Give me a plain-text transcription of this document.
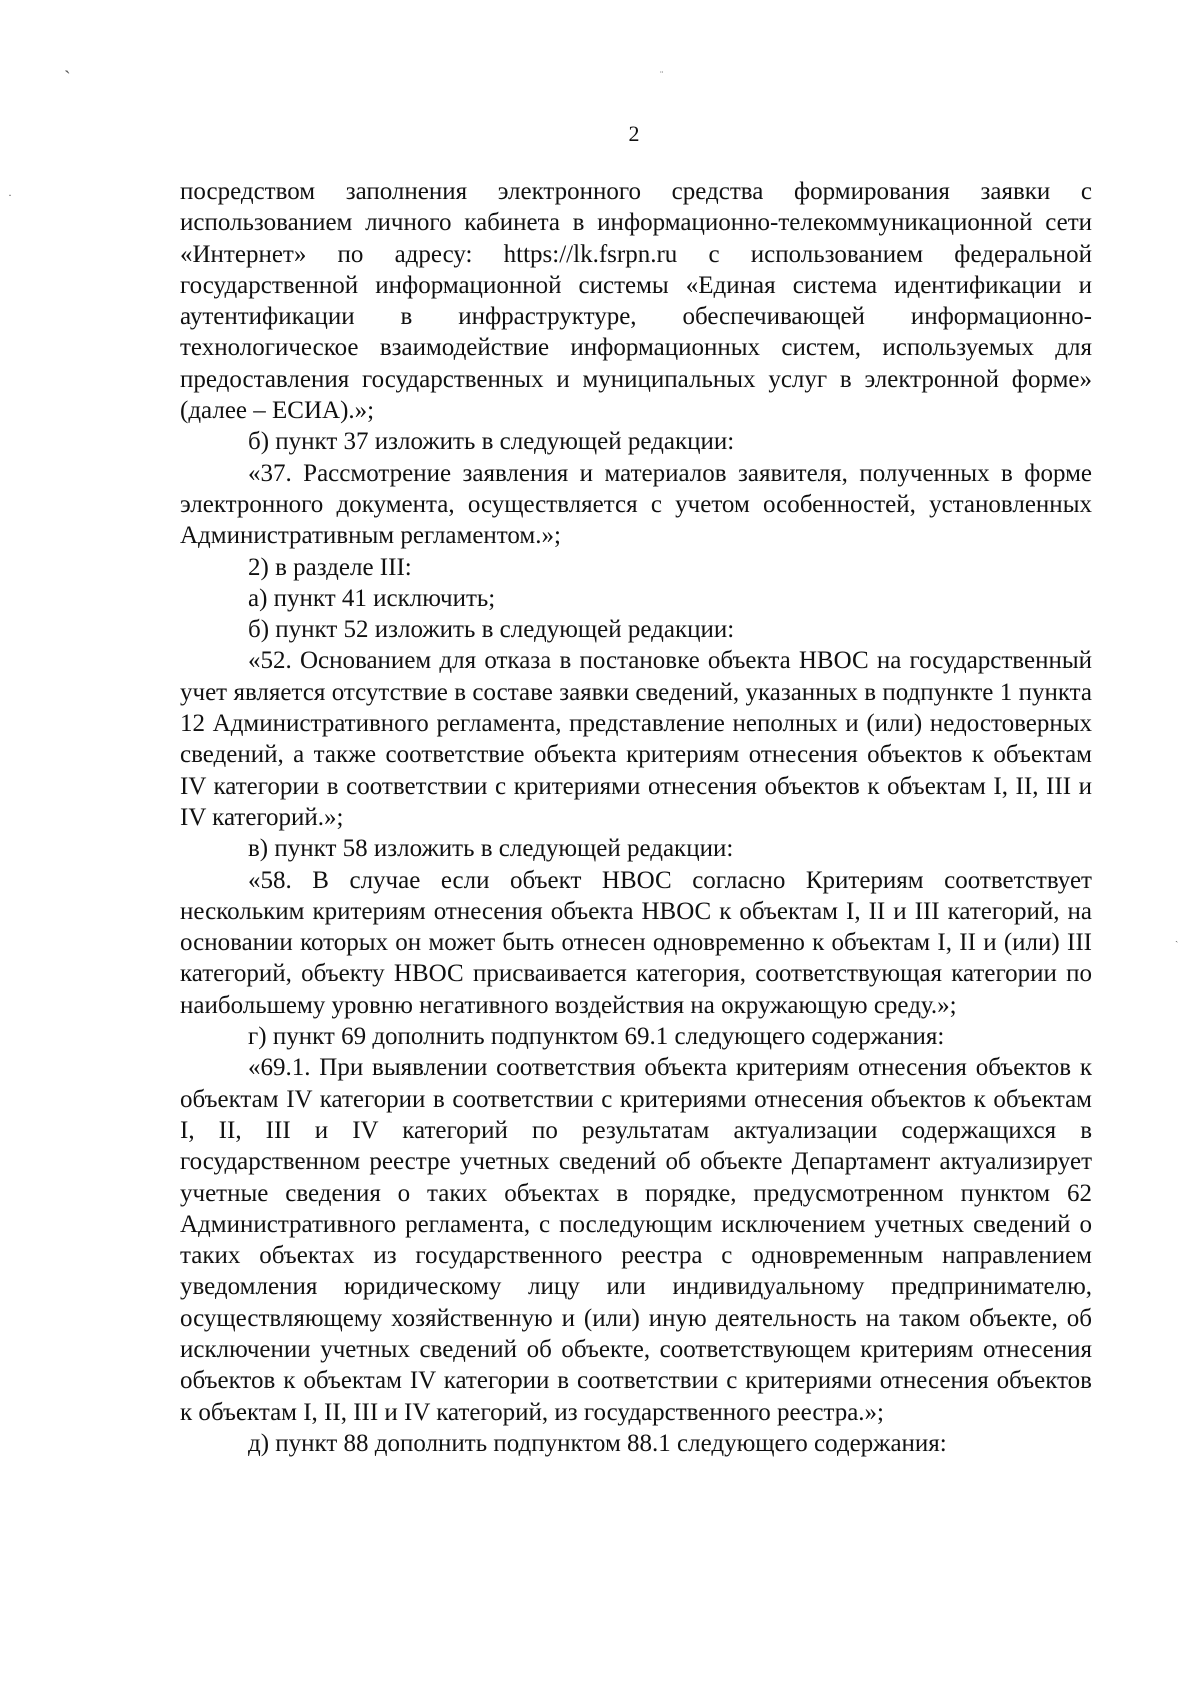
ˏ
·
¨
ˎ
2

посредством заполнения электронного средства формирования заявки с использованием личного кабинета в информационно-телекоммуникационной сети «Интернет» по адресу: https://lk.fsrpn.ru с использованием федеральной государственной информационной системы «Единая система идентификации и аутентификации в инфраструктуре, обеспечивающей информационно-технологическое взаимодействие информационных систем, используемых для предоставления государственных и муниципальных услуг в электронной форме» (далее – ЕСИА).»;

б) пункт 37 изложить в следующей редакции:

«37. Рассмотрение заявления и материалов заявителя, полученных в форме электронного документа, осуществляется с учетом особенностей, установленных Административным регламентом.»;

2) в разделе III:

а) пункт 41 исключить;

б) пункт 52 изложить в следующей редакции:

«52. Основанием для отказа в постановке объекта НВОС на государственный учет является отсутствие в составе заявки сведений, указанных в подпункте 1 пункта 12 Административного регламента, представление неполных и (или) недостоверных сведений, а также соответствие объекта критериям отнесения объектов к объектам IV категории в соответствии с критериями отнесения объектов к объектам I, II, III и IV категорий.»;

в) пункт 58 изложить в следующей редакции:

«58. В случае если объект НВОС согласно Критериям соответствует нескольким критериям отнесения объекта НВОС к объектам I, II и III категорий, на основании которых он может быть отнесен одновременно к объектам I, II и (или) III категорий, объекту НВОС присваивается категория, соответствующая категории по наибольшему уровню негативного воздействия на окружающую среду.»;

г) пункт 69 дополнить подпунктом 69.1 следующего содержания:

«69.1. При выявлении соответствия объекта критериям отнесения объектов к объектам IV категории в соответствии с критериями отнесения объектов к объектам I, II, III и IV категорий по результатам актуализации содержащихся в государственном реестре учетных сведений об объекте Департамент актуализирует учетные сведения о таких объектах в порядке, предусмотренном пунктом 62 Административного регламента, с последующим исключением учетных сведений о таких объектах из государственного реестра с одновременным направлением уведомления юридическому лицу или индивидуальному предпринимателю, осуществляющему хозяйственную и (или) иную деятельность на таком объекте, об исключении учетных сведений об объекте, соответствующем критериям отнесения объектов к объектам IV категории в соответствии с критериями отнесения объектов к объектам I, II, III и IV категорий, из государственного реестра.»;

д) пункт 88 дополнить подпунктом 88.1 следующего содержания:
